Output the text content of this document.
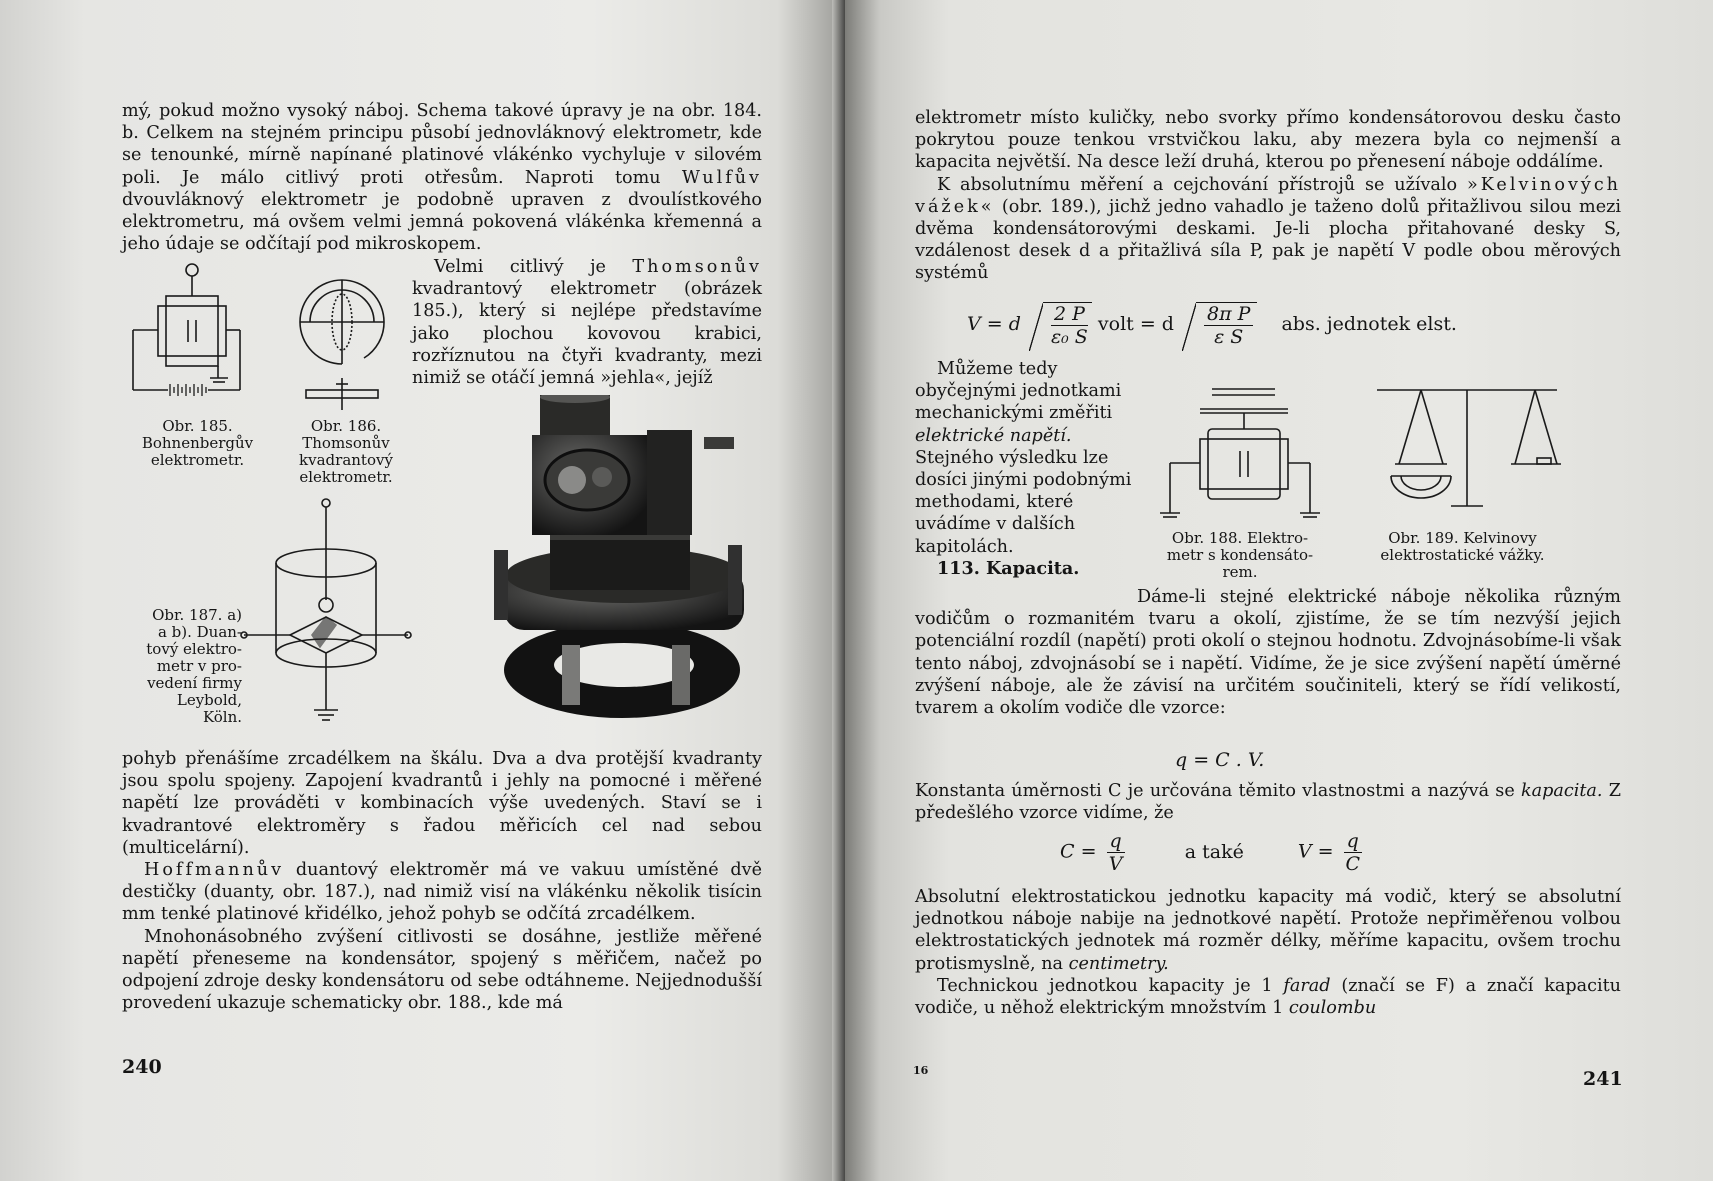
mý, pokud možno vysoký náboj. Schema takové úpravy je na obr. 184. b. Celkem na stejném principu působí jednovláknový elektrometr, kde se tenounké, mírně napínané platinové vlákénko vychyluje v silovém poli. Je málo citlivý proti otřesům. Naproti tomu Wulfův dvouvláknový elektrometr je podobně upraven z dvoulístkového elektrometru, má ovšem velmi jemná pokovená vlákénka křemenná a jeho údaje se odčítají pod mikroskopem.

Velmi citlivý je Thomsonův kvadrantový elektrometr (obrázek 185.), který si nejlépe představíme jako plochou kovovou krabici, rozříznutou na čtyři kvadranty, mezi nimiž se otáčí jemná »jehla«, jejíž

Obr. 185.
Bohnenbergův
elektrometr.
Obr. 186.
Thomsonův
kvadrantový
elektrometr.
Obr. 187. a)
a b). Duan-
tový elektro-
metr v pro-
vedení firmy
Leybold,
Köln.

pohyb přenášíme zrcadélkem na škálu. Dva a dva protější kvadranty jsou spolu spojeny. Zapojení kvadrantů i jehly na pomocné i měřené napětí lze prováděti v kombinacích výše uvedených. Staví se i kvadrantové elektroměry s řadou měřicích cel nad sebou (multicelární).

Hoffmannův duantový elektroměr má ve vakuu umístěné dvě destičky (duanty, obr. 187.), nad nimiž visí na vlákénku několik tisícin mm tenké platinové křidélko, jehož pohyb se odčítá zrcadélkem.

Mnohonásobného zvýšení citlivosti se dosáhne, jestliže měřené napětí přeneseme na kondensátor, spojený s měřičem, načež po odpojení zdroje desky kondensátoru od sebe odtáhneme. Nejjednodušší provedení ukazuje schematicky obr. 188., kde má

240

elektrometr místo kuličky, nebo svorky přímo kondensátorovou desku často pokrytou pouze tenkou vrstvičkou laku, aby mezera byla co nejmenší a kapacita největší. Na desce leží druhá, kterou po přenesení náboje oddálíme.

K absolutnímu měření a cejchování přístrojů se užívalo »Kelvinových vážek« (obr. 189.), jichž jedno vahadlo je taženo dolů přitažlivou silou mezi dvěma kondensátorovými deskami. Je-li plocha přitahované desky S, vzdálenost desek d a přitažlivá síla P, pak je napětí V podle obou měrových systémů

V = d $\frac{2 P}{\text{ε₀ S}}$ volt = d $\frac{\text{8π P}}{\text{ε S}}$ abs. jednotek elst.

Můžeme tedy obyčejnými jednotkami mechanickými změřiti elektrické napětí. Stejného výsledku lze dosíci jinými podobnými methodami, které uvádíme v dalších kapitolách.

113. Kapacita.

Obr. 188. Elektro-
metr s kondensáto-
rem.
Obr. 189. Kelvinovy
elektrostatické vážky.

Dáme-li stejné elektrické náboje několika různým vodičům o rozmanitém tvaru a okolí, zjistíme, že se tím nezvýší jejich potenciální rozdíl (napětí) proti okolí o stejnou hodnotu. Zdvojnásobíme-li však tento náboj, zdvojnásobí se i napětí. Vidíme, že je sice zvýšení napětí úměrné zvýšení náboje, ale že závisí na určitém součiniteli, který se řídí velikostí, tvarem a okolím vodiče dle vzorce:

q = C . V.

Konstanta úměrnosti C je určována těmito vlastnostmi a nazývá se kapacita. Z předešlého vzorce vidíme, že

$C = \frac{q}{V}$	a také	$V = \frac{q}{C}$

Absolutní elektrostatickou jednotku kapacity má vodič, který se absolutní jednotkou náboje nabije na jednotkové napětí. Protože nepřiměřenou volbou elektrostatických jednotek má rozměr délky, měříme kapacitu, ovšem trochu protismyslně, na centimetry.

Technickou jednotkou kapacity je 1 farad (značí se F) a značí kapacitu vodiče, u něhož elektrickým množstvím 1 coulombu

16	241
